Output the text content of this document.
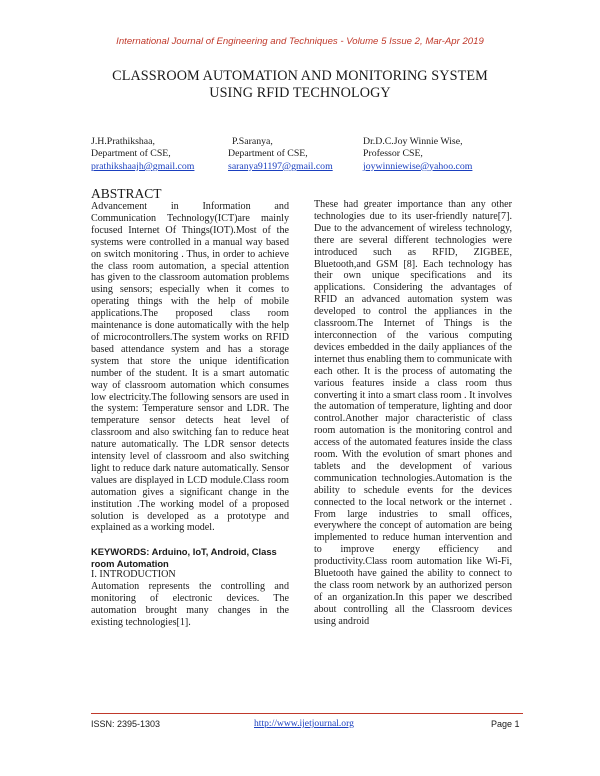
International Journal of Engineering and Techniques - Volume 5 Issue 2, Mar-Apr 2019
CLASSROOM AUTOMATION AND MONITORING SYSTEM
USING RFID TECHNOLOGY
J.H.Prathikshaa,
Department of CSE,
prathikshaajh@gmail.com
P.Saranya,
Department of CSE,
saranya91197@gmail.com
Dr.D.C.Joy Winnie Wise,
Professor CSE,
joywinniewise@yahoo.com
ABSTRACT

Advancement in Information and Communication Technology(ICT)are mainly focused Internet Of Things(IOT).Most of the systems were controlled in a manual way based on switch monitoring . Thus, in order to achieve the class room automation, a special attention has given to the classroom automation problems using sensors; especially when it comes to operating things with the help of mobile applications.The proposed class room maintenance is done automatically with the help of microcontrollers.The system works on RFID based attendance system and has a storage system that store the unique identification number of the student. It is a smart automatic way of classroom automation which consumes low electricity.The following sensors are used in the system: Temperature sensor and LDR. The temperature sensor detects heat level of classroom and also switching fan to reduce heat nature automatically. The LDR sensor detects intensity level of classroom and also switching light to reduce dark nature automatically. Sensor values are displayed in LCD module.Class room automation gives a significant change in the institution .The working model of a proposed solution is developed as a prototype and explained as a working model.

KEYWORDS: Arduino, IoT, Android, Class room Automation

I. INTRODUCTION

Automation represents the controlling and monitoring of electronic devices. The automation brought many changes in the existing technologies[1].

These had greater importance than any other technologies due to its user-friendly nature[7]. Due to the advancement of wireless technology, there are several different technologies were introduced such as RFID, ZIGBEE, Bluetooth,and GSM [8]. Each technology has their own unique specifications and its applications. Considering the advantages of RFID an advanced automation system was developed to control the appliances in the classroom.The Internet of Things is the interconnection of the various computing devices embedded in the daily appliances of the internet thus enabling them to communicate with each other. It is the process of automating the various features inside a class room thus converting it into a smart class room . It involves the automation of temperature, lighting and door control.Another major characteristic of class room automation is the monitoring control and access of the automated features inside the class room. With the evolution of smart phones and tablets and the development of various communication technologies.Automation is the ability to schedule events for the devices connected to the local network or the internet . From large industries to small offices, everywhere the concept of automation are being implemented to reduce human intervention and to improve energy efficiency and productivity.Class room automation like Wi-Fi, Bluetooth have gained the ability to connect to the class room network by an authorized person of an organization.In this paper we described about controlling all the Classroom devices using android

ISSN: 2395-1303	http://www.ijetjournal.org	Page 1
